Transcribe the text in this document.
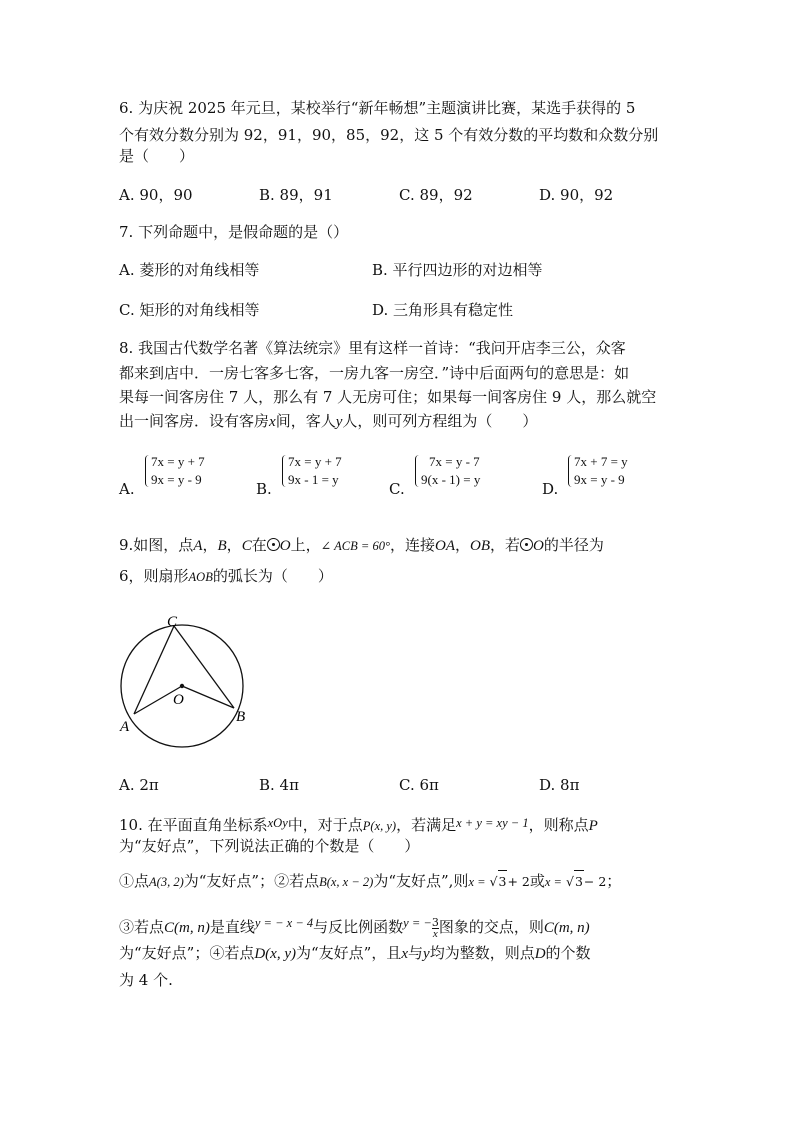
6. 为庆祝 2025 年元旦，某校举行“新年畅想”主题演讲比赛，某选手获得的 5
个有效分数分别为 92，91，90，85，92，这 5 个有效分数的平均数和众数分别
是（　　）
A. 90，90	B. 89，91	C. 89，92	D. 90，92
7. 下列命题中，是假命题的是（）
A. 菱形的对角线相等	B. 平行四边形的对边相等
C. 矩形的对角线相等	D. 三角形具有稳定性
8. 我国古代数学名著《算法统宗》里有这样一首诗：“我问开店李三公，众客
都来到店中．一房七客多七客，一房九客一房空．”诗中后面两句的意思是：如
果每一间客房住 7 人，那么有 7 人无房可住；如果每一间客房住 9 人，那么就空
出一间客房．设有客房x间，客人y人，则可列方程组为（　　）
A.
7x = y + 7
9x = y - 9
B.
7x = y + 7
9x - 1 = y
C.
7x = y - 7
9(x - 1) = y
D.
7x + 7 = y
9x = y - 9
9.如图，点A，B，C在 O上，∠ ACB = 60°，连接OA，OB，若 O的半径为
6，则扇形AOB的弧长为（　　）
C
O
A
B
A. 2π	B. 4π	C. 6π	D. 8π
10. 在平面直角坐标系$^{xOy}$中，对于点P(x, y)，若满足$^{x + y = xy - 1}$，则称点P
为“友好点”，下列说法正确的个数是（　　）
①点A(3, 2)为“友好点”；②若点B(x, x − 2)为“友好点”,则x = √3+ 2或x = √3− 2；
③若点C(m, n)是直线$^{y = - x - 4}$与反比例函数$^{y = -} \frac{3}{x}$ 图象的交点，则C(m, n)
为“友好点”；④若点D(x, y)为“友好点”，且x与y均为整数，则点D的个数
为 4 个.
